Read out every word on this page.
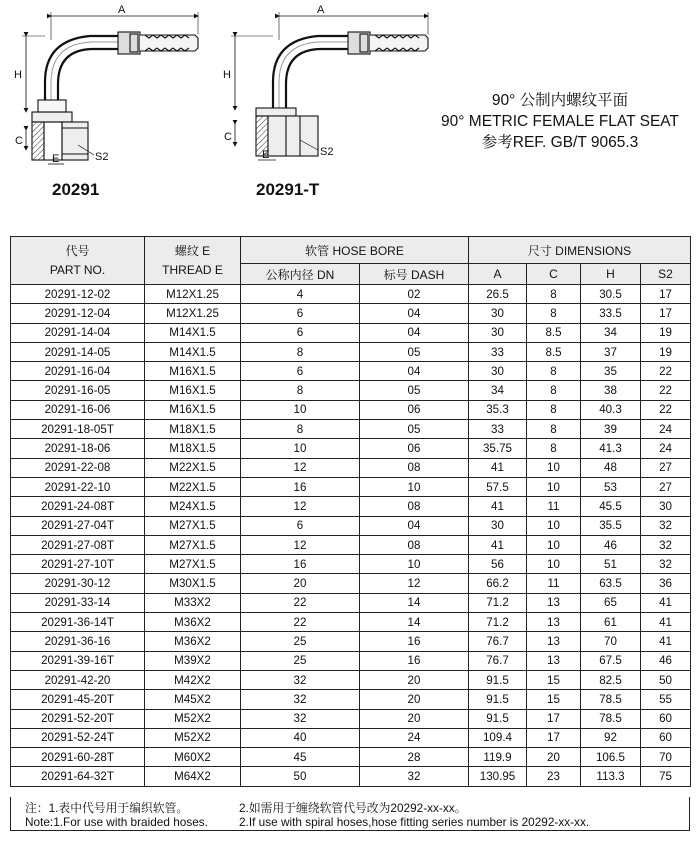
A
H
C
E	S2
A
H
C
E	S2
20291	20291-T
90° 公制内螺纹平面
90° METRIC FEMALE FLAT SEAT
参考REF. GB/T 9065.3
代号
PART NO.	螺纹 E
THREAD E	软管 HOSE BORE		尺寸 DIMENSIONS			
		公称内径 DN	标号 DASH	A	C	H	S2
20291-12-02	M12X1.25	4	02	26.5	8	30.5	17
20291-12-04	M12X1.25	6	04	30	8	33.5	17
20291-14-04	M14X1.5	6	04	30	8.5	34	19
20291-14-05	M14X1.5	8	05	33	8.5	37	19
20291-16-04	M16X1.5	6	04	30	8	35	22
20291-16-05	M16X1.5	8	05	34	8	38	22
20291-16-06	M16X1.5	10	06	35.3	8	40.3	22
20291-18-05T	M18X1.5	8	05	33	8	39	24
20291-18-06	M18X1.5	10	06	35.75	8	41.3	24
20291-22-08	M22X1.5	12	08	41	10	48	27
20291-22-10	M22X1.5	16	10	57.5	10	53	27
20291-24-08T	M24X1.5	12	08	41	11	45.5	30
20291-27-04T	M27X1.5	6	04	30	10	35.5	32
20291-27-08T	M27X1.5	12	08	41	10	46	32
20291-27-10T	M27X1.5	16	10	56	10	51	32
20291-30-12	M30X1.5	20	12	66.2	11	63.5	36
20291-33-14	M33X2	22	14	71.2	13	65	41
20291-36-14T	M36X2	22	14	71.2	13	61	41
20291-36-16	M36X2	25	16	76.7	13	70	41
20291-39-16T	M39X2	25	16	76.7	13	67.5	46
20291-42-20	M42X2	32	20	91.5	15	82.5	50
20291-45-20T	M45X2	32	20	91.5	15	78.5	55
20291-52-20T	M52X2	32	20	91.5	17	78.5	60
20291-52-24T	M52X2	40	24	109.4	17	92	60
20291-60-28T	M60X2	45	28	119.9	20	106.5	70
20291-64-32T	M64X2	50	32	130.95	23	113.3	75
注：1.表中代号用于编织软管。	2.如需用于缠绕软管代号改为20292-xx-xx。
Note:1.For use with braided hoses.	2.If use with spiral hoses,hose fitting series number is 20292-xx-xx.
